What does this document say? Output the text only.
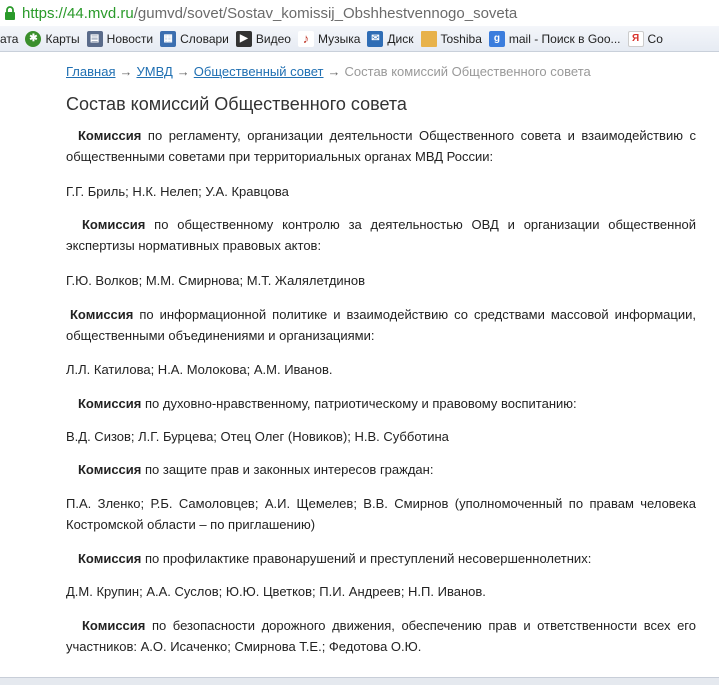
https://44.mvd.ru/gumvd/sovet/Sostav_komissij_Obshhestvennogo_soveta
ата	✱ Карты	▤ Новости	▦ Словари	▶ Видео ♪ Музыка	✉ Диск Toshiba	g mail - Поиск в Goo...	Я Со
Главная → УМВД → Общественный совет → Состав комиссий Общественного совета
Состав комиссий Общественного совета

Комиссия по регламенту, организации деятельности Общественного совета и взаимодействию с общественными советами при территориальных органах МВД России:

Г.Г. Бриль; Н.К. Нелеп; У.А. Кравцова

Комиссия по общественному контролю за деятельностью ОВД и организации общественной экспертизы нормативных правовых актов:

Г.Ю. Волков; М.М. Смирнова; М.Т. Жалялетдинов

Комиссия по информационной политике и взаимодействию со средствами массовой информации, общественными объединениями и организациями:

Л.Л. Катилова; Н.А. Молокова; А.М. Иванов.

Комиссия по духовно-нравственному, патриотическому и правовому воспитанию:

В.Д. Сизов; Л.Г. Бурцева; Отец Олег (Новиков); Н.В. Субботина

Комиссия по защите прав и законных интересов граждан:

П.А. Зленко; Р.Б. Самоловцев; А.И. Щемелев; В.В. Смирнов (уполномоченный по правам человека Костромской области – по приглашению)

Комиссия по профилактике правонарушений и преступлений несовершеннолетних:

Д.М. Крупин; А.А. Суслов; Ю.Ю. Цветков; П.И. Андреев; Н.П. Иванов.

Комиссия по безопасности дорожного движения, обеспечению прав и ответственности всех его участников: А.О. Исаченко; Смирнова Т.Е.; Федотова О.Ю.
